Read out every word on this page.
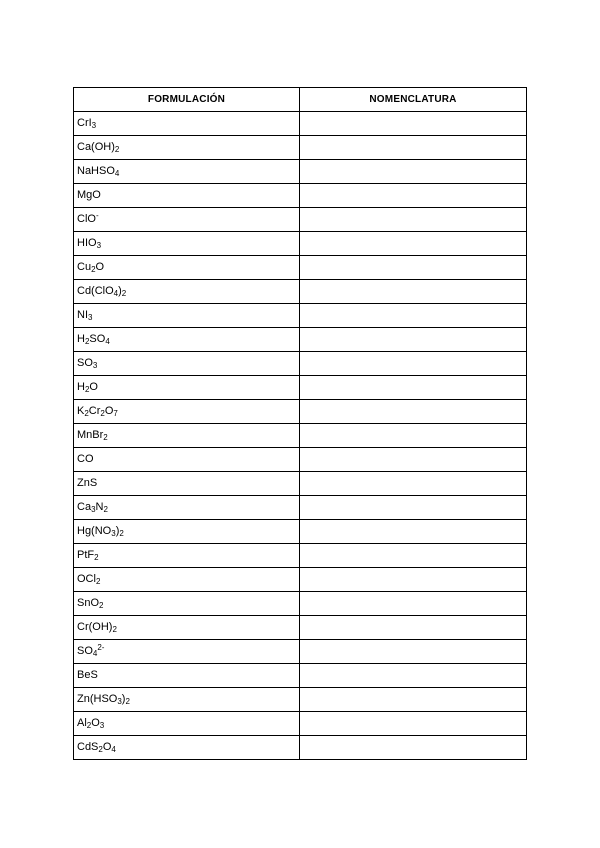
FORMULACIÓN	NOMENCLATURA
CrI$_3$	
$Ca(OH)_2$	
NaHSO$_4$	
MgO	
ClO-	
$HIO_3$	
$Cu_2O$	
$Cd(ClO_4)_2$	
$NI_3$	
$H_2SO_4$	
$SO_3$	
$H_2O$	
$K_2Cr_2O_7$	
MnBr$_2$	
CO	
ZnS	
$Ca_3N_2$	
$Hg(NO_3)_2$	
PtF$_2$	
OCl$_2$	
SnO$_2$	
$Cr(OH)_2$	
$SO_4^{2-}$	
BeS	
$Zn(HSO_3)_2$	
$Al_2O_3$	
$CdS_2O_4$	
